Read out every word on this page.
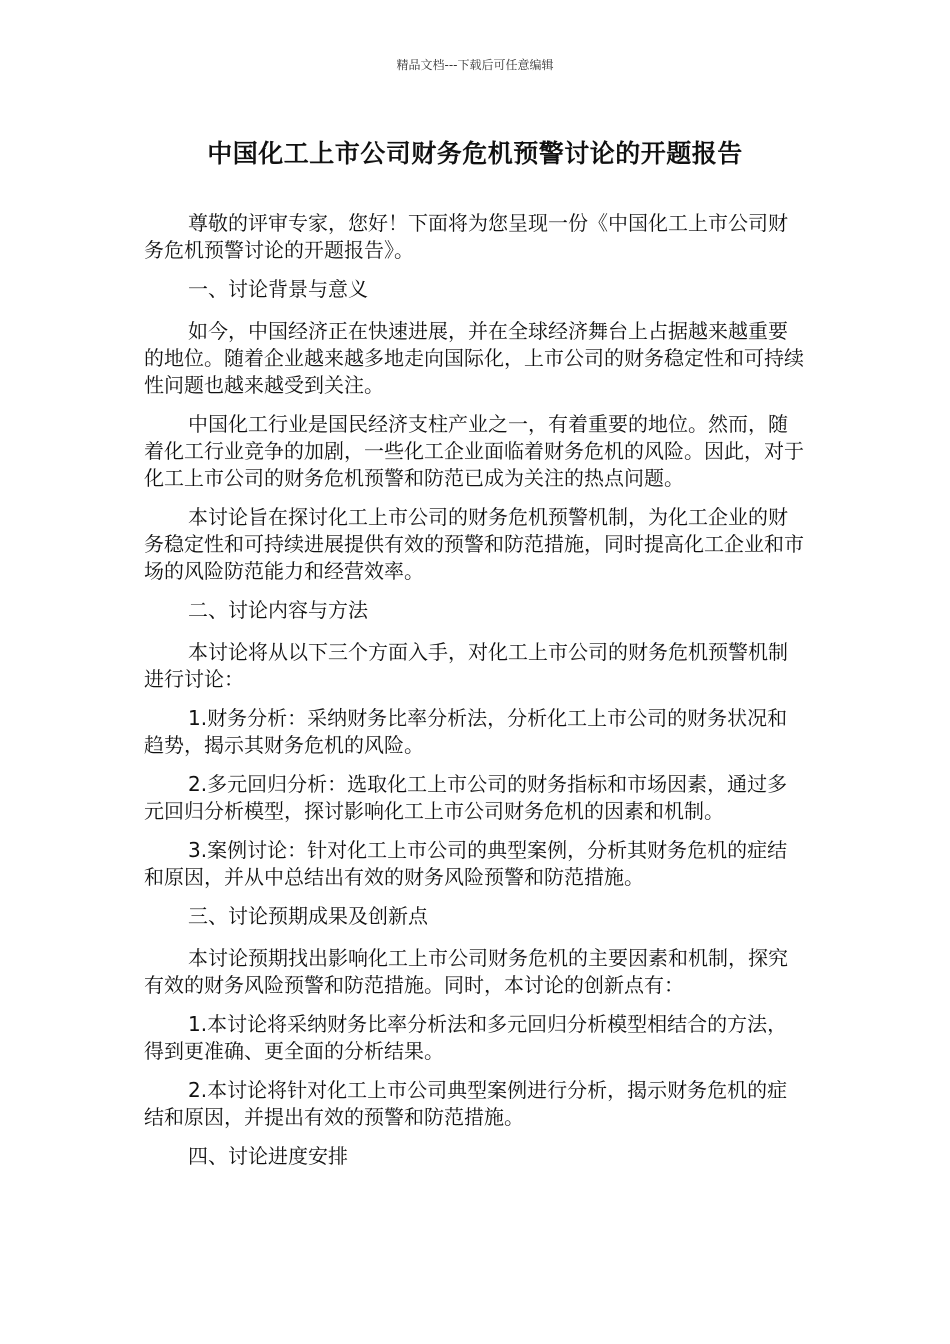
精品文档---下载后可任意编辑
中国化工上市公司财务危机预警讨论的开题报告

尊敬的评审专家，您好！下面将为您呈现一份《中国化工上市公司财务危机预警讨论的开题报告》。

一、讨论背景与意义

如今，中国经济正在快速进展，并在全球经济舞台上占据越来越重要的地位。随着企业越来越多地走向国际化，上市公司的财务稳定性和可持续性问题也越来越受到关注。

中国化工行业是国民经济支柱产业之一，有着重要的地位。然而，随着化工行业竞争的加剧，一些化工企业面临着财务危机的风险。因此，对于化工上市公司的财务危机预警和防范已成为关注的热点问题。

本讨论旨在探讨化工上市公司的财务危机预警机制，为化工企业的财务稳定性和可持续进展提供有效的预警和防范措施，同时提高化工企业和市场的风险防范能力和经营效率。

二、讨论内容与方法

本讨论将从以下三个方面入手，对化工上市公司的财务危机预警机制进行讨论：

1.财务分析：采纳财务比率分析法，分析化工上市公司的财务状况和趋势，揭示其财务危机的风险。

2.多元回归分析：选取化工上市公司的财务指标和市场因素，通过多元回归分析模型，探讨影响化工上市公司财务危机的因素和机制。

3.案例讨论：针对化工上市公司的典型案例，分析其财务危机的症结和原因，并从中总结出有效的财务风险预警和防范措施。

三、讨论预期成果及创新点

本讨论预期找出影响化工上市公司财务危机的主要因素和机制，探究有效的财务风险预警和防范措施。同时，本讨论的创新点有：

1.本讨论将采纳财务比率分析法和多元回归分析模型相结合的方法，得到更准确、更全面的分析结果。

2.本讨论将针对化工上市公司典型案例进行分析，揭示财务危机的症结和原因，并提出有效的预警和防范措施。

四、讨论进度安排
